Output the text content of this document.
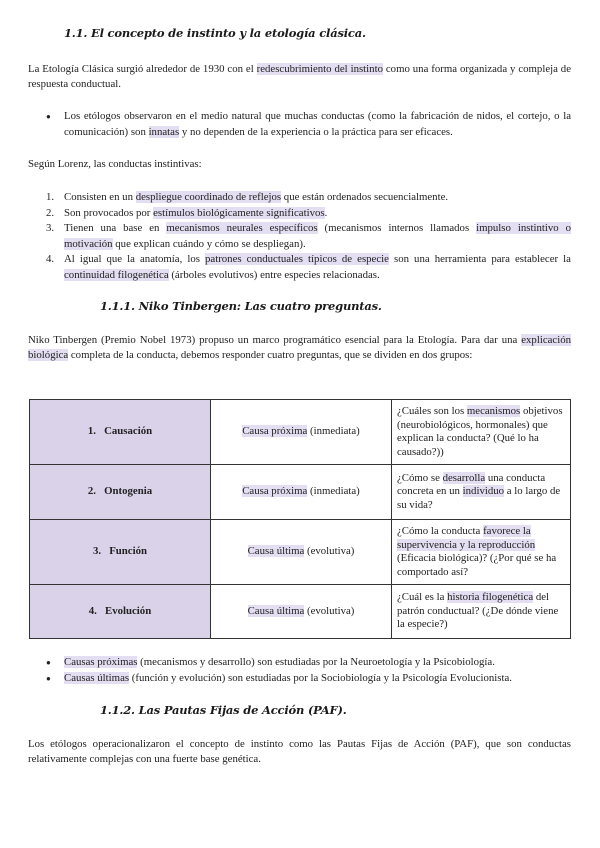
1.1. El concepto de instinto y la etología clásica.

La Etología Clásica surgió alrededor de 1930 con el redescubrimiento del instinto como una forma organizada y compleja de respuesta conductual.

● Los etólogos observaron en el medio natural que muchas conductas (como la fabricación de nidos, el cortejo, o la comunicación) son innatas y no dependen de la experiencia o la práctica para ser eficaces.

Según Lorenz, las conductas instintivas:

1. Consisten en un despliegue coordinado de reflejos que están ordenados secuencialmente.
2. Son provocados por estímulos biológicamente significativos.
3. Tienen una base en mecanismos neurales específicos (mecanismos internos llamados impulso instintivo o motivación que explican cuándo y cómo se despliegan).
4. Al igual que la anatomía, los patrones conductuales típicos de especie son una herramienta para establecer la continuidad filogenética (árboles evolutivos) entre especies relacionadas.
1.1.1. Niko Tinbergen: Las cuatro preguntas.

Niko Tinbergen (Premio Nobel 1973) propuso un marco programático esencial para la Etología. Para dar una explicación biológica completa de la conducta, debemos responder cuatro preguntas, que se dividen en dos grupos:

1. Causación	Causa próxima (inmediata)	¿Cuáles son los mecanismos objetivos (neurobiológicos, hormonales) que explican la conducta? (Qué lo ha causado?))
2. Ontogenia	Causa próxima (inmediata)	¿Cómo se desarrolla una conducta concreta en un individuo a lo largo de su vida?
3. Función	Causa última (evolutiva)	¿Cómo la conducta favorece la supervivencia y la reproducción (Eficacia biológica)? (¿Por qué se ha comportado así?
4. Evolución	Causa última (evolutiva)	¿Cuál es la historia filogenética del patrón conductual? (¿De dónde viene la especie?)
● Causas próximas (mecanismos y desarrollo) son estudiadas por la Neuroetología y la Psicobiología.
● Causas últimas (función y evolución) son estudiadas por la Sociobiología y la Psicología Evolucionista.
1.1.2. Las Pautas Fijas de Acción (PAF).

Los etólogos operacionalizaron el concepto de instinto como las Pautas Fijas de Acción (PAF), que son conductas relativamente complejas con una fuerte base genética.
